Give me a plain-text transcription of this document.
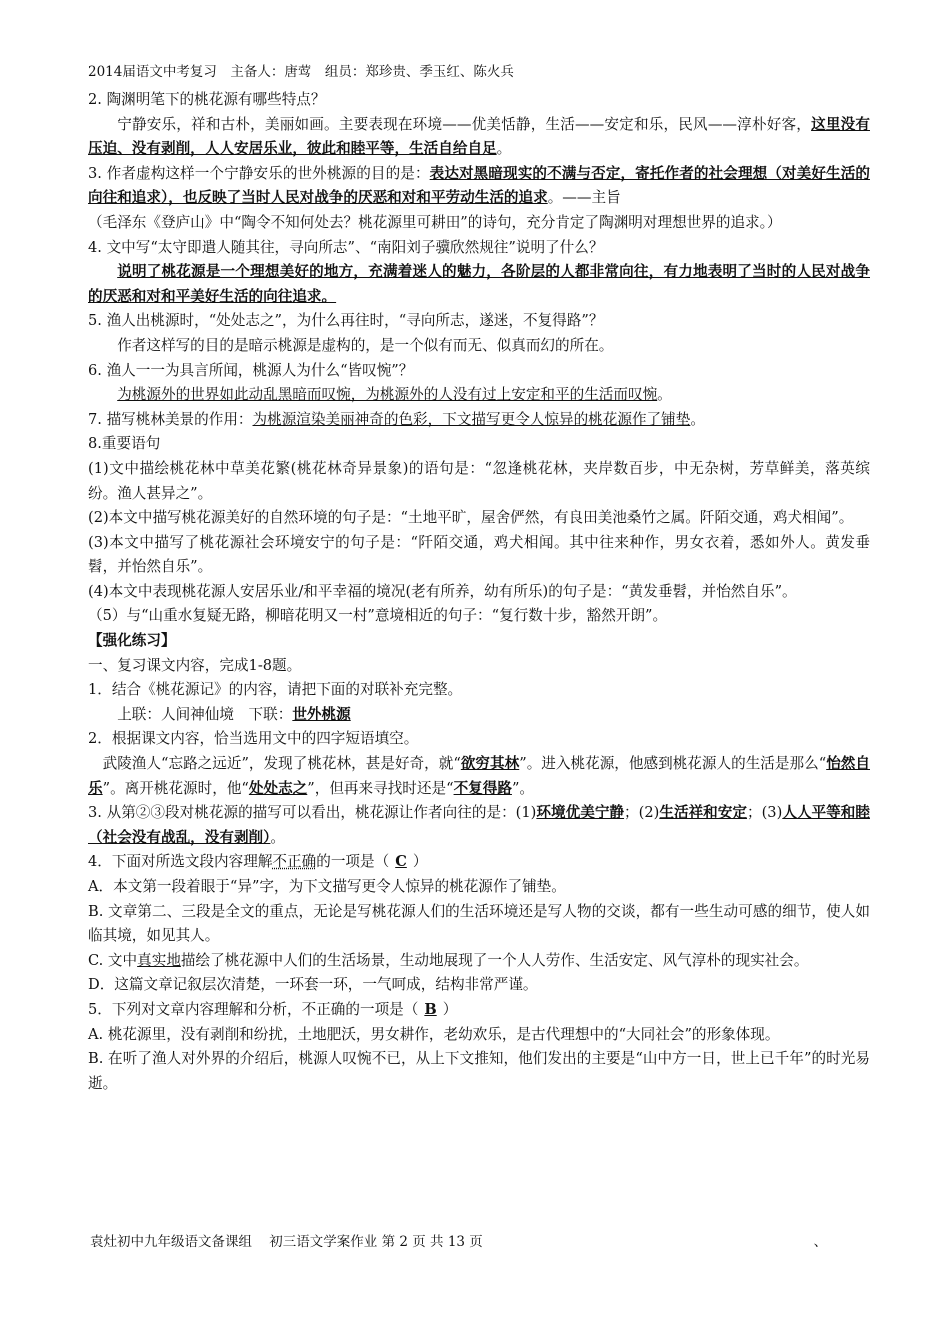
2014届语文中考复习　主备人：唐莺　组员：郑珍贵、季玉红、陈火兵

2. 陶渊明笔下的桃花源有哪些特点？

宁静安乐，祥和古朴，美丽如画。主要表现在环境——优美恬静，生活——安定和乐，民风——淳朴好客，这里没有压迫、没有剥削，人人安居乐业，彼此和睦平等，生活自给自足。

3. 作者虚构这样一个宁静安乐的世外桃源的目的是：表达对黑暗现实的不满与否定，寄托作者的社会理想（对美好生活的向往和追求），也反映了当时人民对战争的厌恶和对和平劳动生活的追求。——主旨

（毛泽东《登庐山》中“陶令不知何处去？桃花源里可耕田”的诗句，充分肯定了陶渊明对理想世界的追求。）

4. 文中写“太守即遣人随其往，寻向所志”、“南阳刘子骥欣然规往”说明了什么？

说明了桃花源是一个理想美好的地方，充满着迷人的魅力，各阶层的人都非常向往，有力地表明了当时的人民对战争的厌恶和对和平美好生活的向往追求。

5. 渔人出桃源时，“处处志之”，为什么再往时，“寻向所志，遂迷，不复得路”？

作者这样写的目的是暗示桃源是虚构的，是一个似有而无、似真而幻的所在。

6. 渔人一一为具言所闻，桃源人为什么“皆叹惋”？

为桃源外的世界如此动乱黑暗而叹惋，为桃源外的人没有过上安定和平的生活而叹惋。

7. 描写桃林美景的作用：为桃源渲染美丽神奇的色彩，下文描写更令人惊异的桃花源作了铺垫。

8.重要语句

(1)文中描绘桃花林中草美花繁(桃花林奇异景象)的语句是：“忽逢桃花林，夹岸数百步，中无杂树，芳草鲜美，落英缤纷。渔人甚异之”。

(2)本文中描写桃花源美好的自然环境的句子是：“土地平旷，屋舍俨然，有良田美池桑竹之属。阡陌交通，鸡犬相闻”。

(3)本文中描写了桃花源社会环境安宁的句子是：“阡陌交通，鸡犬相闻。其中往来种作，男女衣着，悉如外人。黄发垂髫，并怡然自乐”。

(4)本文中表现桃花源人安居乐业/和平幸福的境况(老有所养，幼有所乐)的句子是：“黄发垂髫，并怡然自乐”。

（5）与“山重水复疑无路，柳暗花明又一村”意境相近的句子：“复行数十步，豁然开朗”。

【强化练习】

一、复习课文内容，完成1-8题。

1．结合《桃花源记》的内容，请把下面的对联补充完整。

上联：人间神仙境　下联：世外桃源

2．根据课文内容，恰当选用文中的四字短语填空。

武陵渔人“忘路之远近”，发现了桃花林，甚是好奇，就“欲穷其林”。进入桃花源，他感到桃花源人的生活是那么“怡然自乐”。离开桃花源时，他“处处志之”，但再来寻找时还是“不复得路”。

3. 从第②③段对桃花源的描写可以看出，桃花源让作者向往的是：(1)环境优美宁静；(2)生活祥和安定；(3)人人平等和睦（社会没有战乱，没有剥削）。

4．下面对所选文段内容理解不正确的一项是（ C ）

A．本文第一段着眼于“异”字，为下文描写更令人惊异的桃花源作了铺垫。

B. 文章第二、三段是全文的重点，无论是写桃花源人们的生活环境还是写人物的交谈，都有一些生动可感的细节，使人如临其境，如见其人。

C. 文中真实地描绘了桃花源中人们的生活场景，生动地展现了一个人人劳作、生活安定、风气淳朴的现实社会。

D．这篇文章记叙层次清楚，一环套一环，一气呵成，结构非常严谨。

5．下列对文章内容理解和分析，不正确的一项是（ B ）

A. 桃花源里，没有剥削和纷扰，土地肥沃，男女耕作，老幼欢乐，是古代理想中的“大同社会”的形象体现。

B. 在听了渔人对外界的介绍后，桃源人叹惋不已，从上下文推知，他们发出的主要是“山中方一日，世上已千年”的时光易逝。

袁灶初中九年级语文备课组 初三语文学案作业 第 2 页 共 13 页	、
